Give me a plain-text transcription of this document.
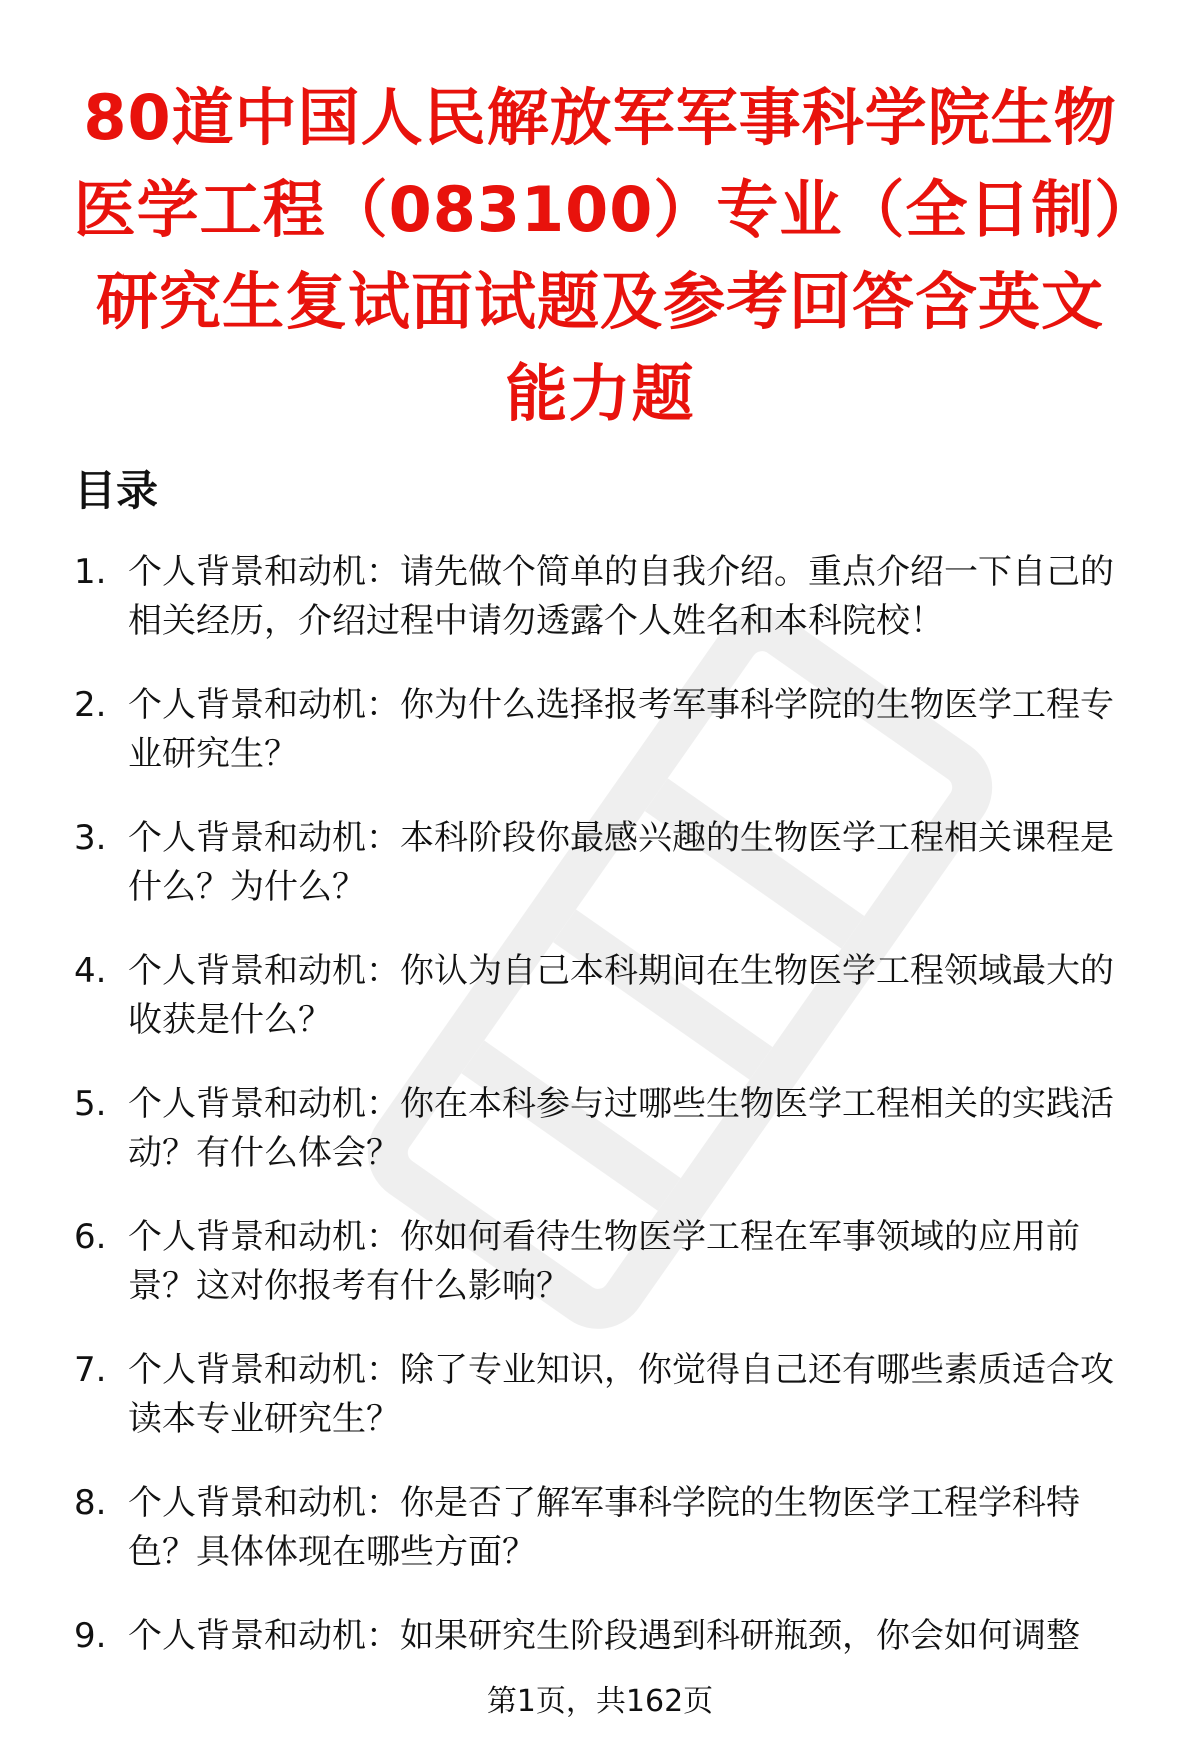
80道中国人民解放军军事科学院生物医学工程（083100）专业（全日制）研究生复试面试题及参考回答含英文能力题
目录
1. 个人背景和动机：请先做个简单的自我介绍。重点介绍一下自己的相关经历，介绍过程中请勿透露个人姓名和本科院校！
2. 个人背景和动机：你为什么选择报考军事科学院的生物医学工程专业研究生？
3. 个人背景和动机：本科阶段你最感兴趣的生物医学工程相关课程是什么？为什么？
4. 个人背景和动机：你认为自己本科期间在生物医学工程领域最大的收获是什么？
5. 个人背景和动机：你在本科参与过哪些生物医学工程相关的实践活动？有什么体会？
6. 个人背景和动机：你如何看待生物医学工程在军事领域的应用前景？这对你报考有什么影响？
7. 个人背景和动机：除了专业知识，你觉得自己还有哪些素质适合攻读本专业研究生？
8. 个人背景和动机：你是否了解军事科学院的生物医学工程学科特色？具体体现在哪些方面？
9. 个人背景和动机：如果研究生阶段遇到科研瓶颈，你会如何调整
第1页，共162页
